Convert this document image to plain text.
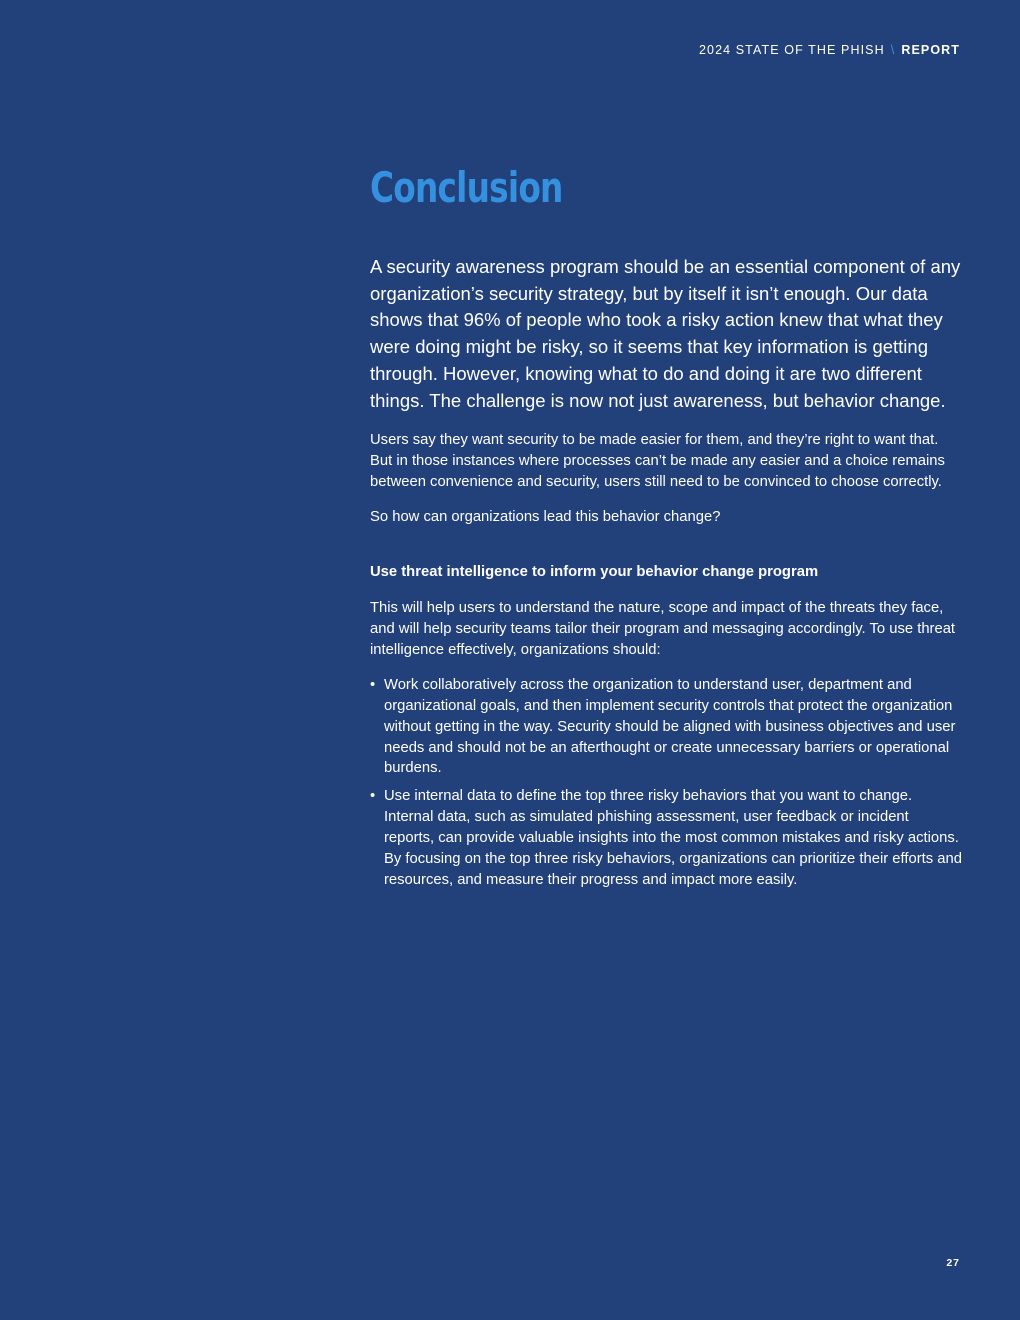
2024 STATE OF THE PHISH \ REPORT
Conclusion

A security awareness program should be an essential component of any organization’s security strategy, but by itself it isn’t enough. Our data shows that 96% of people who took a risky action knew that what they were doing might be risky, so it seems that key information is getting through. However, knowing what to do and doing it are two different things. The challenge is now not just awareness, but behavior change.

Users say they want security to be made easier for them, and they’re right to want that. But in those instances where processes can’t be made any easier and a choice remains between convenience and security, users still need to be convinced to choose correctly.

So how can organizations lead this behavior change?

Use threat intelligence to inform your behavior change program

This will help users to understand the nature, scope and impact of the threats they face, and will help security teams tailor their program and messaging accordingly. To use threat intelligence effectively, organizations should:

• Work collaboratively across the organization to understand user, department and organizational goals, and then implement security controls that protect the organization without getting in the way. Security should be aligned with business objectives and user needs and should not be an afterthought or create unnecessary barriers or operational burdens.
• Use internal data to define the top three risky behaviors that you want to change. Internal data, such as simulated phishing assessment, user feedback or incident reports, can provide valuable insights into the most common mistakes and risky actions. By focusing on the top three risky behaviors, organizations can prioritize their efforts and resources, and measure their progress and impact more easily.
27
